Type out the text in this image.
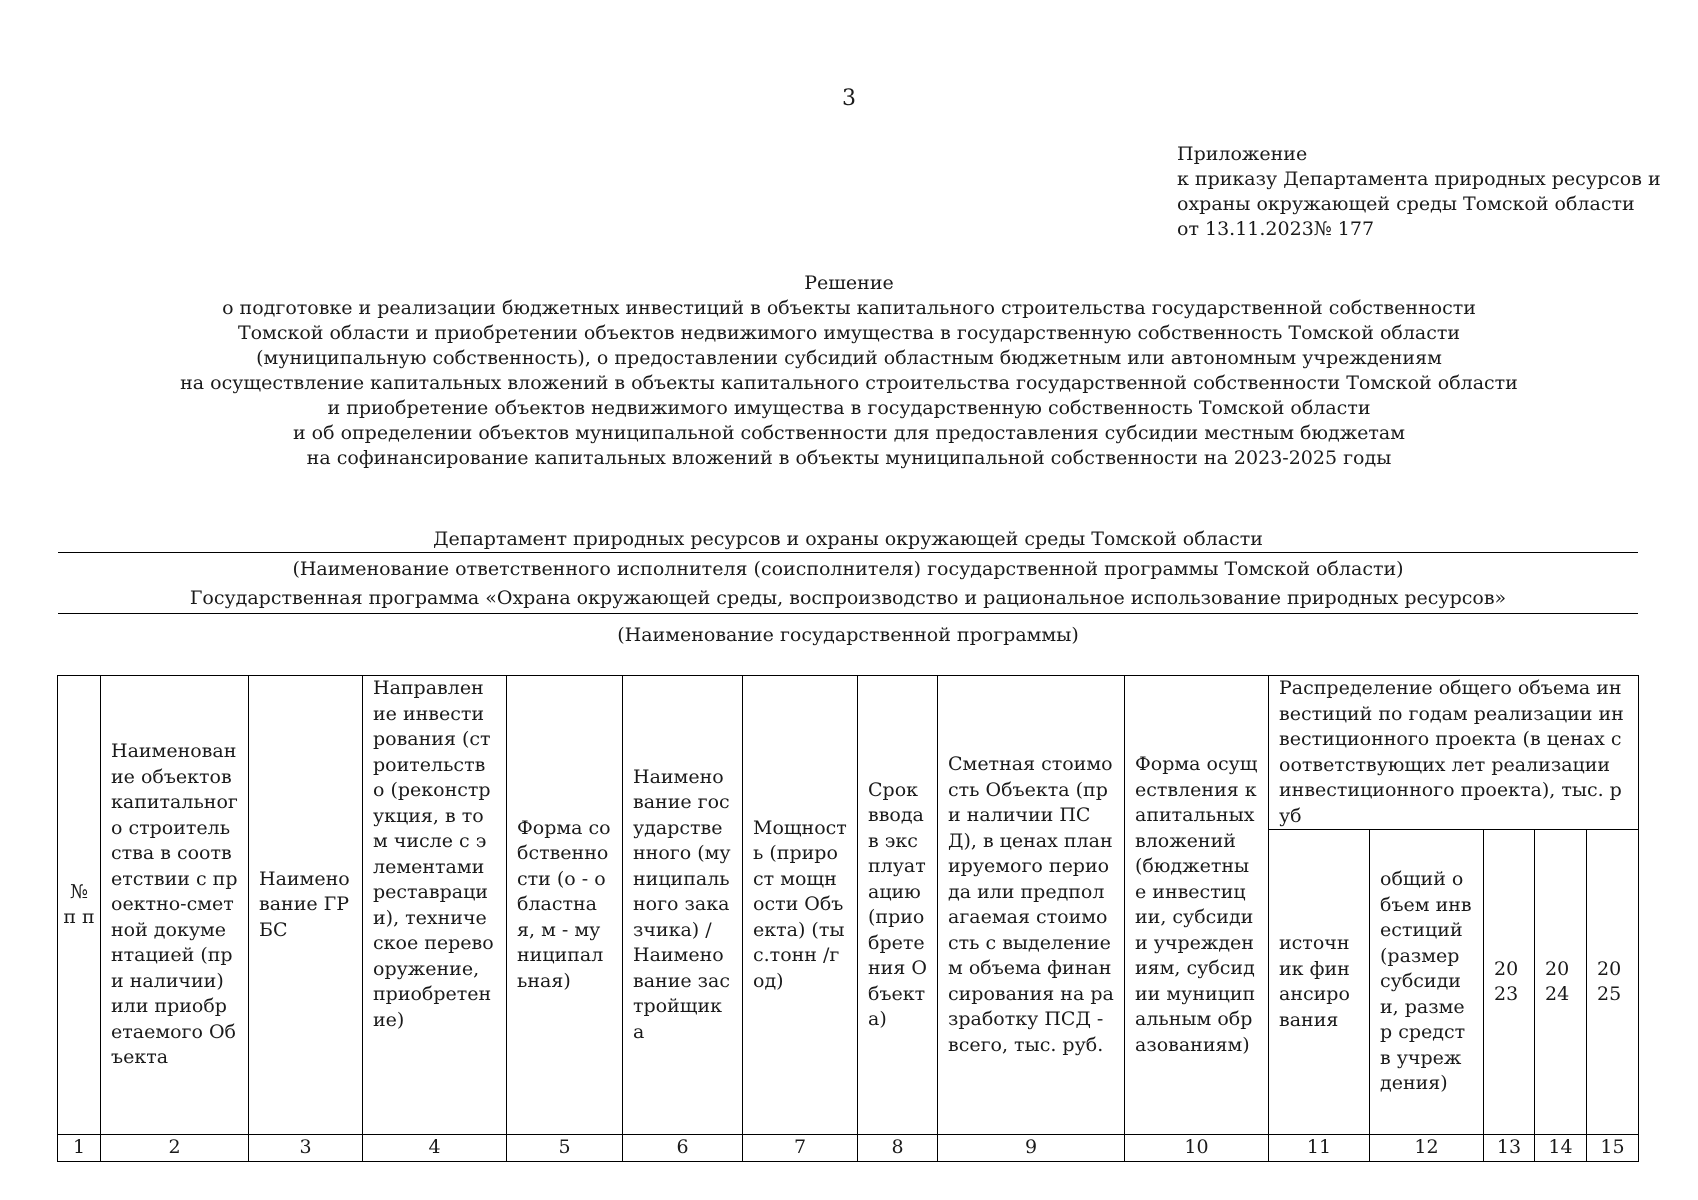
3
Приложение
к приказу Департамента природных ресурсов и
охраны окружающей среды Томской области
от 13.11.2023№ 177
Решение
о подготовке и реализации бюджетных инвестиций в объекты капитального строительства государственной собственности
Томской области и приобретении объектов недвижимого имущества в государственную собственность Томской области
(муниципальную собственность), о предоставлении субсидий областным бюджетным или автономным учреждениям
на осуществление капитальных вложений в объекты капитального строительства государственной собственности Томской области
и приобретение объектов недвижимого имущества в государственную собственность Томской области
и об определении объектов муниципальной собственности для предоставления субсидии местным бюджетам
на софинансирование капитальных вложений в объекты муниципальной собственности на 2023-2025 годы
Департамент природных ресурсов и охраны окружающей среды Томской области
(Наименование ответственного исполнителя (соисполнителя) государственной программы Томской области)
Государственная программа «Охрана окружающей среды, воспроизводство и рациональное использование природных ресурсов»
(Наименование государственной программы)
№ п п	Наименование объектов капитального строительства в соответствии с проектно-сметной документацией (при наличии) или приобретаемого Объекта	Наименование ГРБС	Направление инвестирования (строительство (реконструкция, в том числе с элементами реставрации), техническое перевооружение, приобретение)	Форма собственности (о - областная, м - муниципальная)	Наименование государственного (муниципального заказчика) / Наименование застройщика	Мощность (прирост мощности Объекта) (тыс.тонн /год)	Срок ввода в эксплуатацию (приобретения Объекта)	Сметная стоимость Объекта (при наличии ПСД), в ценах планируемого периода или предполагаемая стоимость с выделением объема финансирования на разработку ПСД - всего, тыс. руб.	Форма осуществления капитальных вложений (бюджетные инвестиции, субсидии учреждениям, субсидии муниципальным образованиям)	Распределение общего объема инвестиций по годам реализации инвестиционного проекта (в ценах соответствующих лет реализации инвестиционного проекта), тыс. руб				
										источник финансирования	общий объем инвестиций (размер субсидии, размер средств учреждения)	2023	2024	2025
1	2	3	4	5	6	7	8	9	10	11	12	13	14	15
